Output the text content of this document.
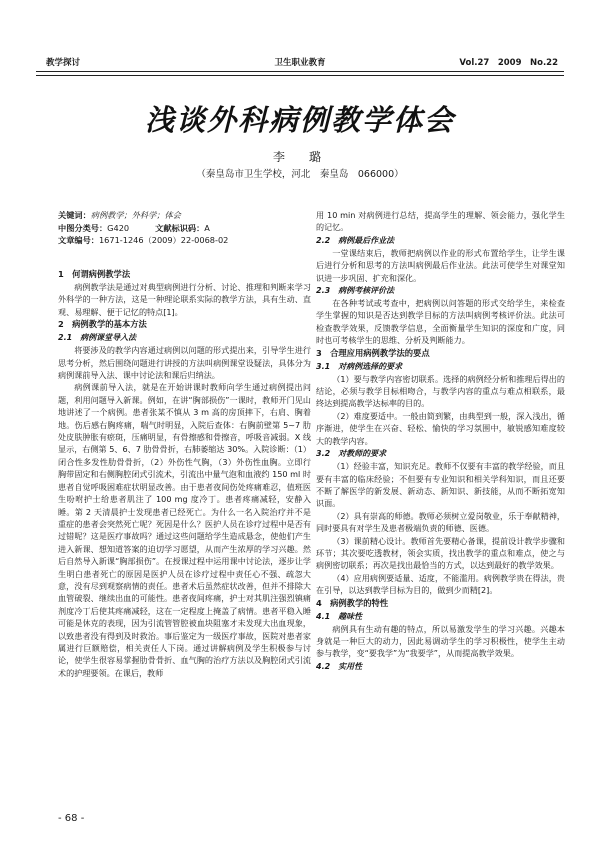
教学探讨	卫生职业教育	Vol.27　2009　No.22
浅谈外科病例教学体会
李　璐
（秦皇岛市卫生学校，河北　秦皇岛　066000）
关键词：病例教学；外科学；体会
中图分类号：G420	文献标识码：A
文章编号：1671-1246（2009）22-0068-02
1　何谓病例教学法

病例教学法是通过对典型病例进行分析、讨论、推理和判断来学习外科学的一种方法，这是一种理论联系实际的教学方法，具有生动、直观、易理解、便于记忆的特点[1]。

2　病例教学的基本方法
2.1　病例课堂导入法

将要涉及的教学内容通过病例以问题的形式提出来，引导学生进行思考分析，然后围绕问题进行讲授的方法叫病例课堂设疑法，具体分为病例课前导入法、课中讨论法和课后归纳法。

病例课前导入法，就是在开始讲课时教师向学生通过病例提出问题，利用问题导入新课。例如，在讲“胸部损伤”一课时，教师开门见山地讲述了一个病例。患者张某不慎从 3 m 高的房顶摔下，右肩、胸着地。伤后感右胸疼痛，喘气时明显，入院后查体：右胸前壁第 5~7 肋处皮肤肿胀有瘀斑，压痛明显，有骨擦感和骨擦音，呼吸音减弱。X 线显示，右侧第 5、6、7 肋骨骨折，右肺萎缩达 30%。入院诊断：（1）闭合性多发性肋骨骨折，（2）外伤性气胸，（3）外伤性血胸。立即行胸带固定和右侧胸腔闭式引流术，引流出中量气泡和血液约 150 ml 时患者自觉呼吸困难症状明显改善。由于患者夜间伤处疼痛难忍，值班医生吩咐护士给患者肌注了 100 mg 度冷丁。患者疼痛减轻，安静入睡。第 2 天清晨护士发现患者已经死亡。为什么一名入院治疗并不是重症的患者会突然死亡呢？死因是什么？医护人员在诊疗过程中是否有过错呢？这是医疗事故吗？通过这些问题给学生造成悬念，使他们产生进入新课、想知道答案的迫切学习愿望，从而产生浓厚的学习兴趣。然后自然导入新课“胸部损伤”。在授课过程中运用课中讨论法，逐步让学生明白患者死亡的原因是医护人员在诊疗过程中责任心不强、疏忽大意，没有尽到观察病情的责任。患者术后虽然症状改善，但并不排除大血管破裂、继续出血的可能性。患者夜间疼痛，护士对其肌注强烈镇痛剂度冷丁后使其疼痛减轻，这在一定程度上掩盖了病情。患者平稳入睡可能是休克的表现，因为引流管管腔被血块阻塞才未发现大出血现象，以致患者没有得到及时救治。事后鉴定为一级医疗事故，医院对患者家属进行巨额赔偿，相关责任人下岗。通过讲解病例及学生积极参与讨论，使学生很容易掌握肋骨骨折、血气胸的治疗方法以及胸腔闭式引流术的护理要领。在课后，教师

用 10 min 对病例进行总结，提高学生的理解、领会能力，强化学生的记忆。

2.2　病例最后作业法

一堂课结束后，教师把病例以作业的形式布置给学生，让学生课后进行分析和思考的方法叫病例最后作业法。此法可使学生对课堂知识进一步巩固、扩充和深化。

2.3　病例考核评价法

在各种考试或考查中，把病例以问答题的形式交给学生，来检查学生掌握的知识是否达到教学目标的方法叫病例考核评价法。此法可检查教学效果，反馈教学信息，全面衡量学生知识的深度和广度，同时也可考核学生的思维、分析及判断能力。

3　合理应用病例教学法的要点
3.1　对病例选择的要求

（1）要与教学内容密切联系。选择的病例经分析和推理后得出的结论，必须与教学目标相吻合，与教学内容的重点与难点相联系，最终达到提高教学达标率的目的。

（2）难度要适中。一般由简到繁，由典型到一般，深入浅出，循序渐进，使学生在兴奋、轻松、愉快的学习氛围中，敏锐感知难度较大的教学内容。

3.2　对教师的要求

（1）经验丰富，知识充足。教师不仅要有丰富的教学经验，而且要有丰富的临床经验；不但要有专业知识和相关学科知识，而且还要不断了解医学的新发展、新动态、新知识、新技能，从而不断拓宽知识面。

（2）具有崇高的师德。教师必须树立爱岗敬业，乐于奉献精神，同时要具有对学生及患者极端负责的师德、医德。

（3）课前精心设计。教师首先要精心备课，提前设计教学步骤和环节；其次要吃透教材，领会实质，找出教学的重点和难点，使之与病例密切联系；再次是找出最恰当的方式，以达到最好的教学效果。

（4）应用病例要适量、适度，不能滥用。病例教学贵在得法，贵在引导，以达到教学目标为目的，做到少而精[2]。

4　病例教学的特性
4.1　趣味性

病例具有生动有趣的特点，所以易激发学生的学习兴趣。兴趣本身就是一种巨大的动力，因此易调动学生的学习积极性，使学生主动参与教学，变“要我学”为“我要学”，从而提高教学效果。

4.2　实用性
- 68 -
